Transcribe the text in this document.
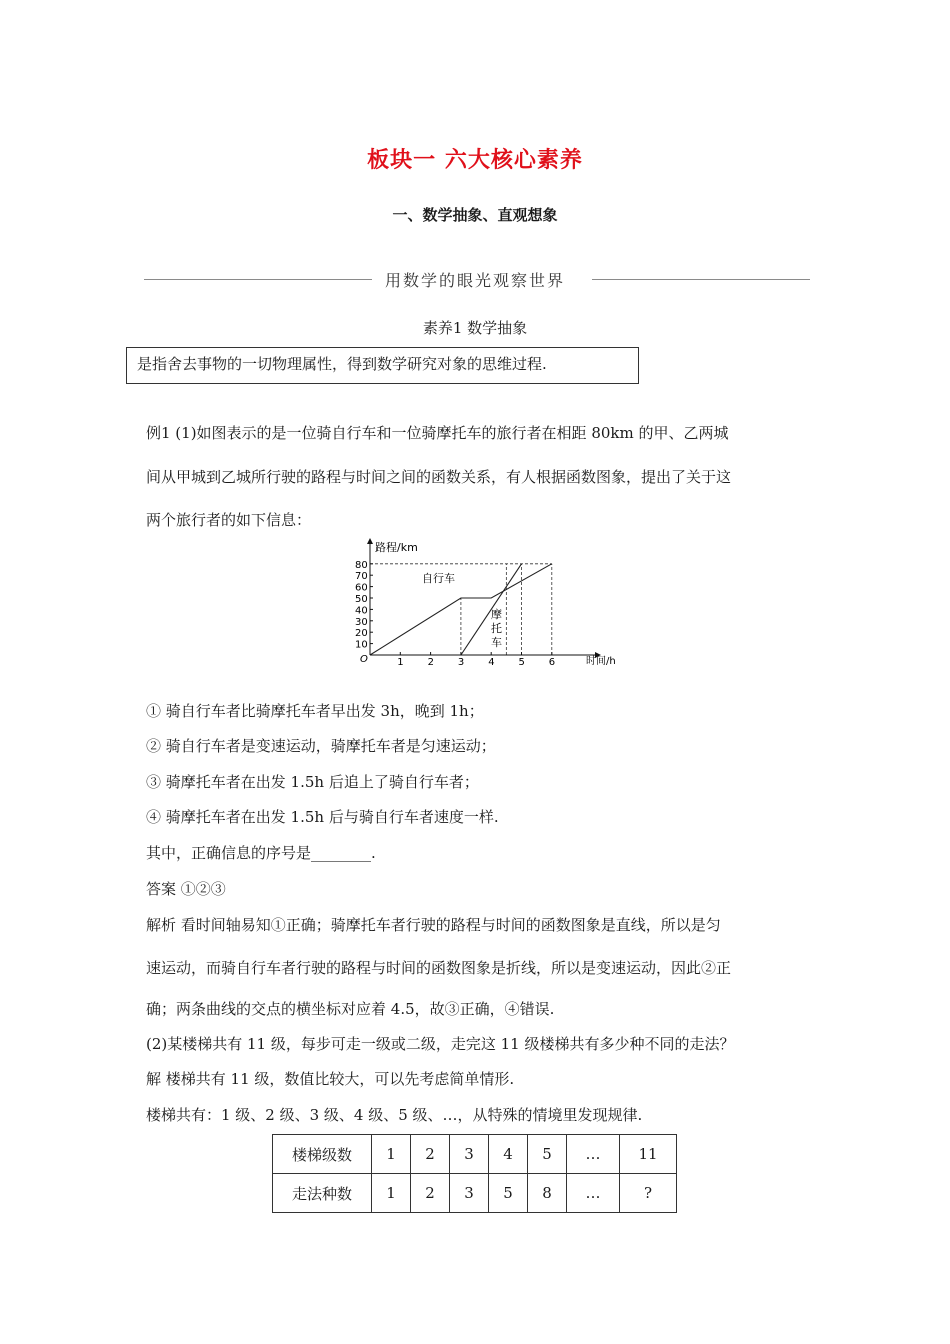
板块一 六大核心素养
一、数学抽象、直观想象
用数学的眼光观察世界
素养1 数学抽象
是指舍去事物的一切物理属性，得到数学研究对象的思维过程.
例1 (1)如图表示的是一位骑自行车和一位骑摩托车的旅行者在相距 80km 的甲、乙两城
间从甲城到乙城所行驶的路程与时间之间的函数关系，有人根据函数图象，提出了关于这
两个旅行者的如下信息：
1 2 3 4 5 6
10
20
30
40
50
60
70
80
路程/km
时间/h
O
自行车
摩托车
① 骑自行车者比骑摩托车者早出发 3h，晚到 1h；
② 骑自行车者是变速运动，骑摩托车者是匀速运动；
③ 骑摩托车者在出发 1.5h 后追上了骑自行车者；
④ 骑摩托车者在出发 1.5h 后与骑自行车者速度一样.
其中，正确信息的序号是________.
答案 ①②③
解析 看时间轴易知①正确；骑摩托车者行驶的路程与时间的函数图象是直线，所以是匀
速运动，而骑自行车者行驶的路程与时间的函数图象是折线，所以是变速运动，因此②正
确；两条曲线的交点的横坐标对应着 4.5，故③正确，④错误.
(2)某楼梯共有 11 级，每步可走一级或二级，走完这 11 级楼梯共有多少种不同的走法？
解 楼梯共有 11 级，数值比较大，可以先考虑简单情形.
楼梯共有：1 级、2 级、3 级、4 级、5 级、…，从特殊的情境里发现规律.
楼梯级数	1	2	3	4	5	…	11
走法种数	1	2	3	5	8	…	?
